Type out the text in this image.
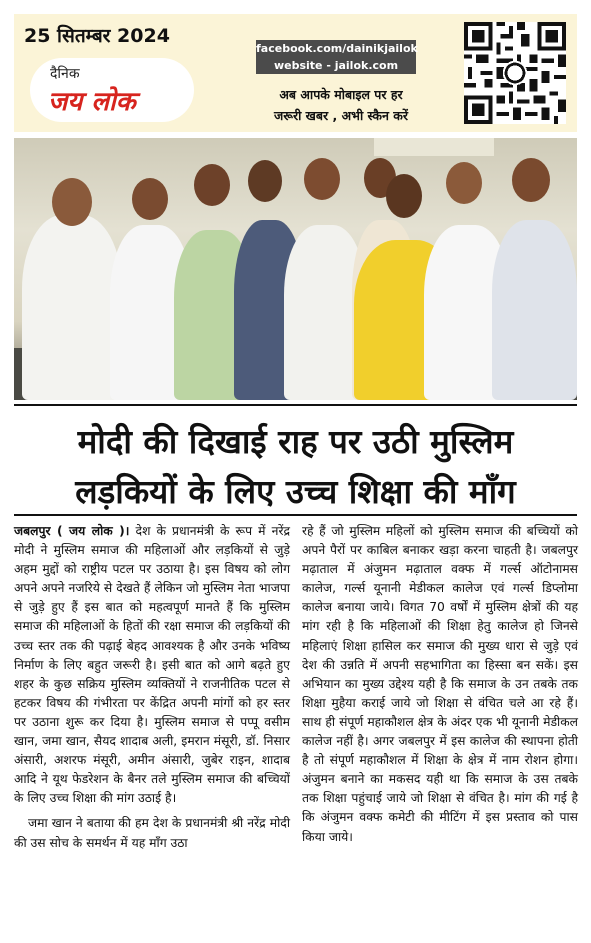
25 सितम्बर 2024
दैनिक
जय लोक
facebook.com/dainikjailok
website - jailok.com
अब आपके मोबाइल पर हर
जरूरी खबर , अभी स्कैन करें
मोदी की दिखाई राह पर उठी मुस्लिम
लड़कियों के लिए उच्च शिक्षा की माँग

जबलपुर ( जय लोक )। देश के प्रधानमंत्री के रूप में नरेंद्र मोदी ने मुस्लिम समाज की महिलाओं और लड़कियों से जुड़े अहम मुद्दों को राष्ट्रीय पटल पर उठाया है। इस विषय को लोग अपने अपने नजरिये से देखते हैं लेकिन जो मुस्लिम नेता भाजपा से जुड़े हुए हैं इस बात को महत्वपूर्ण मानते हैं कि मुस्लिम समाज की महिलाओं के हितों की रक्षा समाज की लड़कियों की उच्च स्तर तक की पढ़ाई बेहद आवश्यक है और उनके भविष्य निर्माण के लिए बहुत जरूरी है। इसी बात को आगे बढ़ते हुए शहर के कुछ सक्रिय मुस्लिम व्यक्तियों ने राजनीतिक पटल से हटकर विषय की गंभीरता पर केंद्रित अपनी मांगों को हर स्तर पर उठाना शुरू कर दिया है। मुस्लिम समाज से पप्पू वसीम खान, जमा खान, सैयद शादाब अली, इमरान मंसूरी, डॉ. निसार अंसारी, अशरफ मंसूरी, अमीन अंसारी, जुबेर राइन, शादाब आदि ने यूथ फेडरेशन के बैनर तले मुस्लिम समाज की बच्चियों के लिए उच्च शिक्षा की मांग उठाई है।

जमा खान ने बताया की हम देश के प्रधानमंत्री श्री नरेंद्र मोदी की उस सोच के समर्थन में यह माँग उठा

रहे हैं जो मुस्लिम महिलों को मुस्लिम समाज की बच्चियों को अपने पैरों पर काबिल बनाकर खड़ा करना चाहती है। जबलपुर मढ़ाताल में अंजुमन मढ़ाताल वक्फ में गर्ल्स ऑटोनामस कालेज, गर्ल्स यूनानी मेडीकल कालेज एवं गर्ल्स डिप्लोमा कालेज बनाया जाये। विगत 70 वर्षों में मुस्लिम क्षेत्रों की यह मांग रही है कि महिलाओं की शिक्षा हेतु कालेज हो जिनसे महिलाएं शिक्षा हासिल कर समाज की मुख्य धारा से जुड़े एवं देश की उन्नति में अपनी सहभागिता का हिस्सा बन सकें। इस अभियान का मुख्य उद्देश्य यही है कि समाज के उन तबके तक शिक्षा मुहैया कराई जाये जो शिक्षा से वंचित चले आ रहे हैं। साथ ही संपूर्ण महाकौशल क्षेत्र के अंदर एक भी यूनानी मेडीकल कालेज नहीं है। अगर जबलपुर में इस कालेज की स्थापना होती है तो संपूर्ण महाकौशल में शिक्षा के क्षेत्र में नाम रोशन होगा। अंजुमन बनाने का मकसद यही था कि समाज के उस तबके तक शिक्षा पहुंचाई जाये जो शिक्षा से वंचित है। मांग की गई है कि अंजुमन वक्फ कमेटी की मीटिंग में इस प्रस्ताव को पास किया जाये।
